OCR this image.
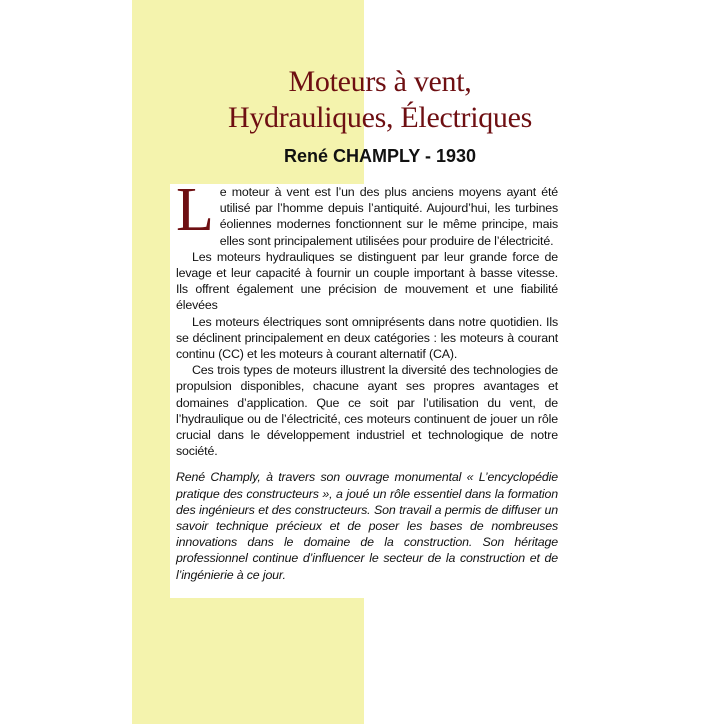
Moteurs à vent,
Hydrauliques, Électriques
René CHAMPLY - 1930

Le moteur à vent est l’un des plus anciens moyens ayant été utilisé par l’homme depuis l’antiquité. Aujourd’hui, les turbines éoliennes modernes fonctionnent sur le même principe, mais elles sont principalement utilisées pour produire de l’électricité.

Les moteurs hydrauliques se distinguent par leur grande force de levage et leur capacité à fournir un couple important à basse vitesse. Ils offrent également une précision de mouvement et une fiabilité élevées

Les moteurs électriques sont omniprésents dans notre quotidien. Ils se déclinent principalement en deux catégories : les moteurs à courant continu (CC) et les moteurs à courant alternatif (CA).

Ces trois types de moteurs illustrent la diversité des technologies de propulsion disponibles, chacune ayant ses propres avantages et domaines d’application. Que ce soit par l’utilisation du vent, de l’hydraulique ou de l’électricité, ces moteurs continuent de jouer un rôle crucial dans le développement industriel et technologique de notre société.

René Champly, à travers son ouvrage monumental « L’encyclopédie pratique des constructeurs », a joué un rôle essentiel dans la formation des ingénieurs et des constructeurs. Son travail a permis de diffuser un savoir technique précieux et de poser les bases de nombreuses innovations dans le domaine de la construction. Son héritage professionnel continue d’influencer le secteur de la construction et de l’ingénierie à ce jour.
